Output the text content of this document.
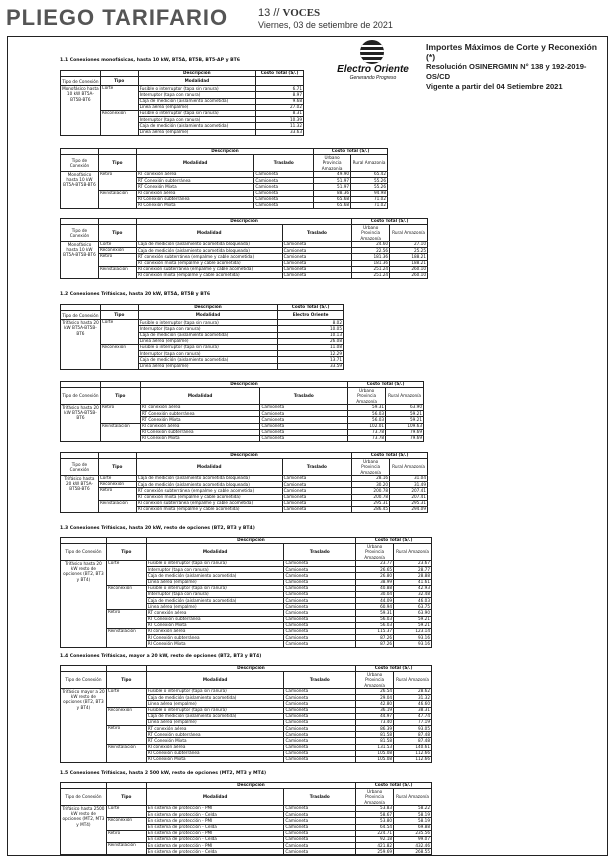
PLIEGO TARIFARIO	13 // VOCES
Viernes, 03 de setiembre de 2021
Electro Oriente
Generando Progreso
Importes Máximos de Corte y Reconexión (*)
Resolución OSINERGMIN N° 138 y 192-2019-OS/CD
Vigente a partir del 04 Setiembre 2021
1.1 Conexiones monofásicas, hasta 10 kW, BT5A, BT5B, BT5-AP y BT6
1.2 Conexiones Trifásicas, hasta 20 kW, BT5A, BT5B y BT6
1.3 Conexiones Trifásicas, hasta 20 kW, resto de opciones (BT2, BT3 y BT4)
1.4 Conexiones Trifásicas, mayor a 20 kW, resto de opciones (BT2, BT3 y BT4)
1.5 Conexiones Trifásicas, hasta 2 500 kW, resto de opciones (MT2, MT3 y MT4)
		Descripción	Costo Total (S/.)
Tipo de Conexión	Tipo	Modalidad	
Monofásico hasta 10 kW BT5A-BT5B-BT6	Corte	Fusible o interruptor (tapa sin ranura)	6.71
		Interruptor (tapa con ranura)	8.97
		Caja de medición (aislamiento acometida)	9.68
		Línea aérea (empalme)	27.02
	Reconexión	Fusible o interruptor (tapa sin ranura)	8.31
		Interruptor (tapa con ranura)	10.39
		Caja de medición (aislamiento acometida)	11.32
		Línea aérea (empalme)	33.63
		Descripción		Costo Total (S/.)	
Tipo de Conexión	Tipo	Modalidad	Traslado	Urbano Provincia Amazonía	Rural Amazonía
Monofásico hasta 10 kW BT5A-BT5B-BT6	Retiro	RT conexión aérea	Camioneta	49.90	65.42
		RT Conexión subterránea	Camioneta	51.97	55.26
		RT Conexión Mixta	Camioneta	51.97	55.26
	Reinstalación	RI conexión aérea	Camioneta	88.36	94.98
		RI Conexión subterránea	Camioneta	65.68	71.02
		RI Conexión Mixta	Camioneta	65.68	71.02
		Descripción		Costo Total (S/.)	
Tipo de Conexión	Tipo	Modalidad	Traslado	Urbano Provincia Amazonía	Rural Amazonía
Monofásico hasta 10 kW BT5A-BT5B-BT6	Corte	Caja de medición (aislamiento acometida bloqueada)	Camioneta	24.60	27.10
	Reconexión	Caja de medición (aislamiento acometida bloqueada)	Camioneta	22.56	25.25
	Retiro	RT conexión subterránea (empalme y cable acometida)	Camioneta	181.36	188.21
		RT conexión mixta (empalme y cable acometida)	Camioneta	181.36	188.21
	Reinstalación	RI conexión subterránea (empalme y cable acometida)	Camioneta	251.24	260.10
		RI conexión mixta (empalme y cable acometida)	Camioneta	251.24	260.10
		Descripción	Costo Total (S/.)
Tipo de Conexión	Tipo	Modalidad	Electro Oriente
Trifásico hasta 20 kW BT5A-BT5B-BT6	Corte	Fusible o interruptor (tapa sin ranura)	8.02
		Interruptor (tapa con ranura)	10.05
		Caja de medición (aislamiento acometida)	10.13
		Línea aérea (empalme)	26.08
	Reconexión	Fusible o interruptor (tapa sin ranura)	11.08
		Interruptor (tapa con ranura)	12.29
		Caja de medición (aislamiento acometida)	13.71
		Línea aérea (empalme)	33.59
		Descripción		Costo Total (S/.)	
Tipo de Conexión	Tipo	Modalidad	Traslado	Urbano Provincia Amazonía	Rural Amazonía
Trifásico hasta 20 kW BT5A-BT5B-BT6	Retiro	RT conexión aérea	Camioneta	59.31	63.90
		RT Conexión subterránea	Camioneta	56.03	59.21
		RT Conexión Mixta	Camioneta	56.03	59.21
	Reinstalación	RI conexión aérea	Camioneta	102.01	109.63
		RI Conexión subterránea	Camioneta	73.78	79.69
		RI Conexión Mixta	Camioneta	73.78	79.69
		Descripción		Costo Total (S/.)	
Tipo de Conexión	Tipo	Modalidad	Traslado	Urbano Provincia Amazonía	Rural Amazonía
Trifásico hasta 20 kW BT5A-BT5B-BT6	Corte	Caja de medición (aislamiento acometida bloqueada)	Camioneta	28.16	31.04
	Reconexión	Caja de medición (aislamiento acometida bloqueada)	Camioneta	30.20	31.49
	Retiro	RT conexión subterránea (empalme y cable acometida)	Camioneta	200.78	207.41
		RT conexión mixta (empalme y cable acometida)	Camioneta	200.78	207.41
	Reinstalación	RI conexión subterránea (empalme y cable acometida)	Camioneta	295.31	295.31
		RI conexión mixta (empalme y cable acometida)	Camioneta	286.45	294.09
		Descripción		Costo Total (S/.)	
Tipo de Conexión	Tipo	Modalidad	Traslado	Urbano Provincia Amazonía	Rural Amazonía
Trifásico hasta 20 kW resto de opciones (BT2, BT3 y BT4)	Corte	Fusible o interruptor (tapa sin ranura)	Camioneta	23.77	23.67
		Interruptor (tapa con ranura)	Camioneta	26.65	28.77
		Caja de medición (aislamiento acometida)	Camioneta	26.80	28.88
		Línea aérea (empalme)	Camioneta	38.99	41.61
	Reconexión	Fusible o interruptor (tapa sin ranura)	Camioneta	40.88	42.93
		Interruptor (tapa con ranura)	Camioneta	30.04	32.48
		Caja de medición (aislamiento acometida)	Camioneta	44.09	46.03
		Línea aérea (empalme)	Camioneta	60.94	63.75
	Retiro	RT conexión aérea	Camioneta	59.31	63.90
		RT Conexión subterránea	Camioneta	56.03	59.21
		RT Conexión Mixta	Camioneta	56.03	59.21
	Reinstalación	RI conexión aérea	Camioneta	115.37	123.14
		RI Conexión subterránea	Camioneta	87.26	93.16
		RI Conexión Mixta	Camioneta	87.26	93.16
		Descripción		Costo Total (S/.)	
Tipo de Conexión	Tipo	Modalidad	Traslado	Urbano Provincia Amazonía	Rural Amazonía
Trifásico mayor a 20 kW resto de opciones (BT2, BT3 y BT4)	Corte	Fusible o interruptor (tapa sin ranura)	Camioneta	26.54	28.62
		Caja de medición (aislamiento acometida)	Camioneta	29.04	31.32
		Línea aérea (empalme)	Camioneta	42.80	46.60
	Reconexión	Fusible o interruptor (tapa sin ranura)	Camioneta	36.19	38.31
		Caja de medición (aislamiento acometida)	Camioneta	44.97	47.74
		Línea aérea (empalme)	Camioneta	73.40	77.19
	Retiro	RT conexión aérea	Camioneta	86.39	93.05
		RT Conexión subterránea	Camioneta	81.58	87.48
		RT Conexión Mixta	Camioneta	81.58	87.48
	Reinstalación	RI conexión aérea	Camioneta	131.53	140.61
		RI Conexión subterránea	Camioneta	105.08	112.66
		RI Conexión Mixta	Camioneta	105.08	112.66
		Descripción		Costo Total (S/.)	
Tipo de Conexión	Tipo	Modalidad	Traslado	Urbano Provincia Amazonía	Rural Amazonía
Trifásico hasta 2500 kW resto de opciones (MT2, MT3 y MT4)	Corte	En sistema de protección - PMI	Camioneta	53.83	58.22
		En sistema de protección - Celda	Camioneta	58.67	58.19
	Reconexión	En sistema de protección - PMI	Camioneta	53.80	58.19
		En sistema de protección - Celda	Camioneta	64.54	69.88
	Retiro	En sistema de protección - PMI	Camioneta	224.71	235.56
		En sistema de protección - Celda	Camioneta	92.18	99.07
	Reinstalación	En sistema de protección - PMI	Camioneta	421.82	432.46
		En sistema de protección - Celda	Camioneta	259.69	268.55
